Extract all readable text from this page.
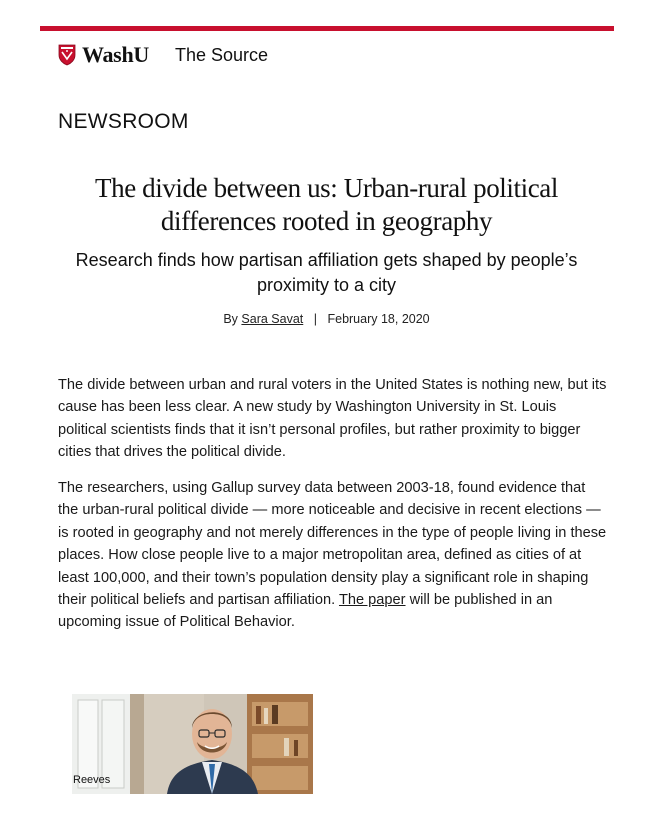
WashU The Source
NEWSROOM
The divide between us: Urban-rural political differences rooted in geography
Research finds how partisan affiliation gets shaped by people’s proximity to a city
By Sara Savat | February 18, 2020

The divide between urban and rural voters in the United States is nothing new, but its cause has been less clear. A new study by Washington University in St. Louis political scientists finds that it isn’t personal profiles, but rather proximity to bigger cities that drives the political divide.

The researchers, using Gallup survey data between 2003-18, found evidence that the urban-rural political divide — more noticeable and decisive in recent elections — is rooted in geography and not merely differences in the type of people living in these places. How close people live to a major metropolitan area, defined as cities of at least 100,000, and their town’s population density play a significant role in shaping their political beliefs and partisan affiliation. The paper will be published in an upcoming issue of Political Behavior.

Reeves
